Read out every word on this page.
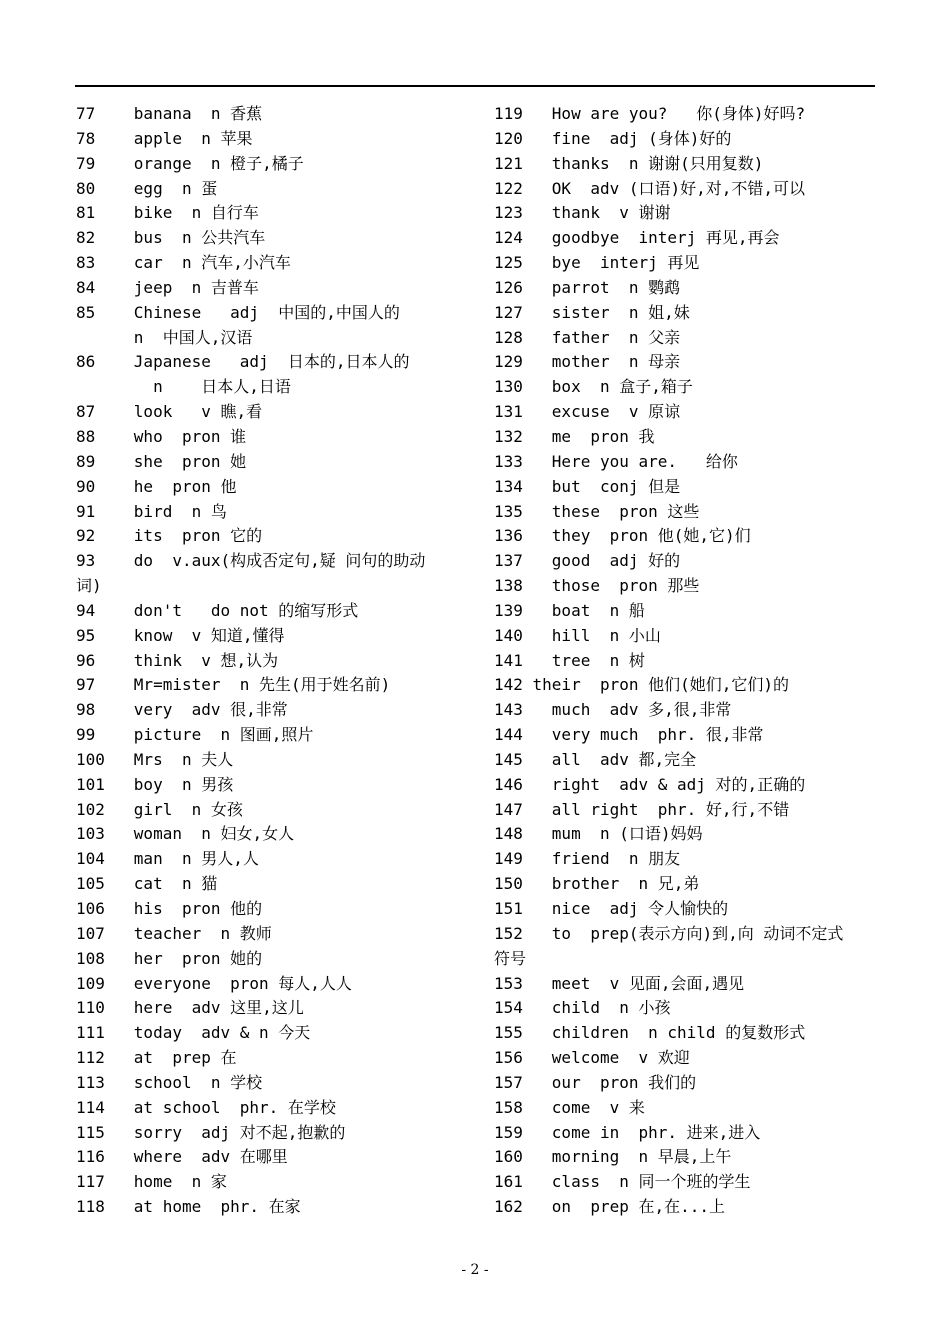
77    banana  n 香蕉
78    apple  n 苹果
79    orange  n 橙子,橘子
80    egg  n 蛋
81    bike  n 自行车
82    bus  n 公共汽车
83    car  n 汽车,小汽车
84    jeep  n 吉普车
85    Chinese   adj  中国的,中国人的
n  中国人,汉语
86    Japanese   adj  日本的,日本人的
n    日本人,日语
87    look   v 瞧,看
88    who  pron 谁
89    she  pron 她
90    he  pron 他
91    bird  n 鸟
92    its  pron 它的
93    do  v.aux(构成否定句,疑 问句的助动
词)
94    don't   do not 的缩写形式
95    know  v 知道,懂得
96    think  v 想,认为
97    Mr=mister  n 先生(用于姓名前)
98    very  adv 很,非常
99    picture  n 图画,照片
100   Mrs  n 夫人
101   boy  n 男孩
102   girl  n 女孩
103   woman  n 妇女,女人
104   man  n 男人,人
105   cat  n 猫
106   his  pron 他的
107   teacher  n 教师
108   her  pron 她的
109   everyone  pron 每人,人人
110   here  adv 这里,这儿
111   today  adv & n 今天
112   at  prep 在
113   school  n 学校
114   at school  phr. 在学校
115   sorry  adj 对不起,抱歉的
116   where  adv 在哪里
117   home  n 家
118   at home  phr. 在家
119   How are you?   你(身体)好吗?
120   fine  adj (身体)好的
121   thanks  n 谢谢(只用复数)
122   OK  adv (口语)好,对,不错,可以
123   thank  v 谢谢
124   goodbye  interj 再见,再会
125   bye  interj 再见
126   parrot  n 鹦鹉
127   sister  n 姐,妹
128   father  n 父亲
129   mother  n 母亲
130   box  n 盒子,箱子
131   excuse  v 原谅
132   me  pron 我
133   Here you are.   给你
134   but  conj 但是
135   these  pron 这些
136   they  pron 他(她,它)们
137   good  adj 好的
138   those  pron 那些
139   boat  n 船
140   hill  n 小山
141   tree  n 树
142 their  pron 他们(她们,它们)的
143   much  adv 多,很,非常
144   very much  phr. 很,非常
145   all  adv 都,完全
146   right  adv & adj 对的,正确的
147   all right  phr. 好,行,不错
148   mum  n (口语)妈妈
149   friend  n 朋友
150   brother  n 兄,弟
151   nice  adj 令人愉快的
152   to  prep(表示方向)到,向 动词不定式
符号
153   meet  v 见面,会面,遇见
154   child  n 小孩
155   children  n child 的复数形式
156   welcome  v 欢迎
157   our  pron 我们的
158   come  v 来
159   come in  phr. 进来,进入
160   morning  n 早晨,上午
161   class  n 同一个班的学生
162   on  prep 在,在...上
- 2 -
